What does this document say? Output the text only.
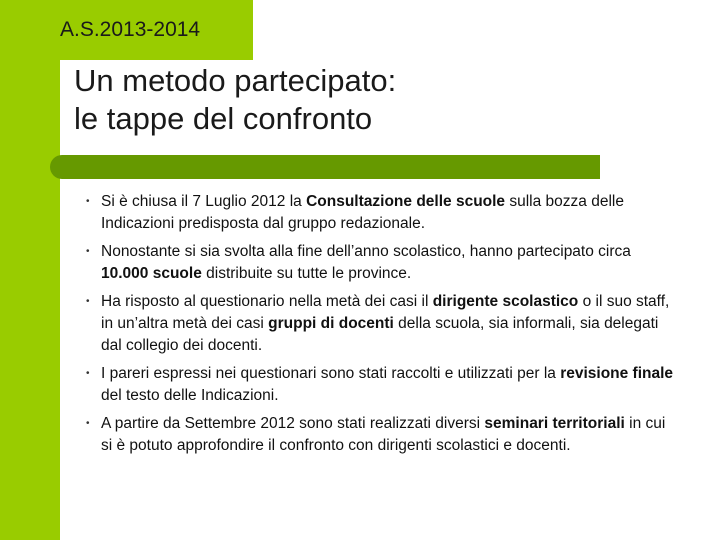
A.S.2013-2014
Un metodo partecipato:
le tappe del confronto
• Si è chiusa il 7 Luglio 2012 la Consultazione delle scuole sulla bozza delle Indicazioni predisposta dal gruppo redazionale.
• Nonostante si sia svolta alla fine dell’anno scolastico, hanno partecipato circa 10.000 scuole distribuite su tutte le province.
• Ha risposto al questionario nella metà dei casi il dirigente scolastico o il suo staff, in un’altra metà dei casi gruppi di docenti della scuola, sia informali, sia delegati dal collegio dei docenti.
• I pareri espressi nei questionari sono stati raccolti e utilizzati per la revisione finale del testo delle Indicazioni.
• A partire da Settembre 2012 sono stati realizzati diversi seminari territoriali in cui si è potuto approfondire il confronto con dirigenti scolastici e docenti.
